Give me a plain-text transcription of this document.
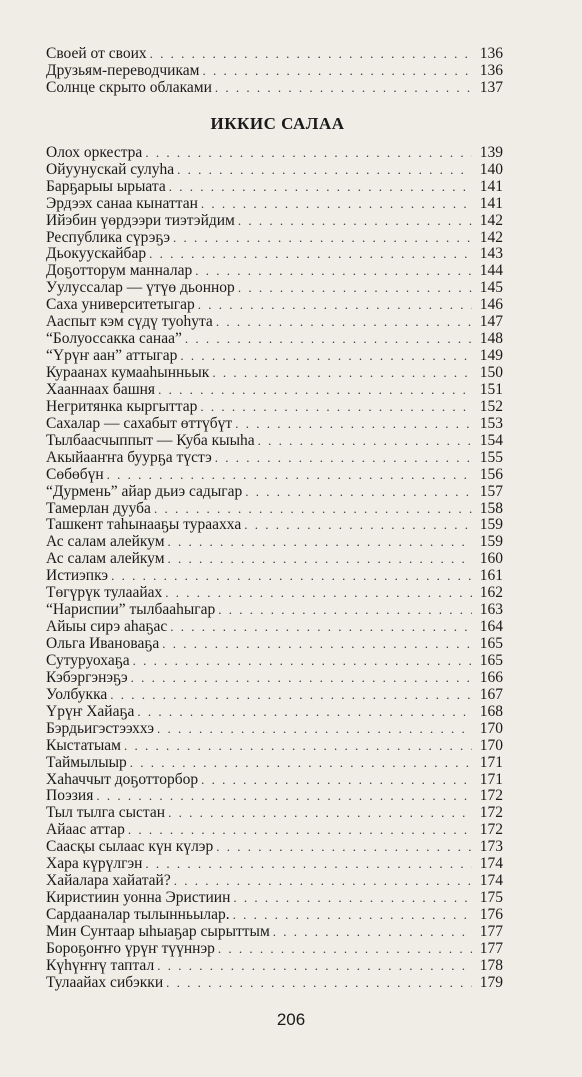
Своей от своих . . .	136
Друзьям-переводчикам . . .	136
Солнце скрыто облаками . . .	137
ИККИС САЛАА
Олох оркестра . . .	139
Ойуунускай сулуhа . . .	140
Барҕарыы ырыата . . .	141
Эрдээх санаа кынаттан . . .	141
Ийэбин үөрдээри тиэтэйдим . . .	142
Республика сүрэҕэ . . .	142
Дьокуускайбар . . .	143
Доҕотторум манналар . . .	144
Уулуссалар — үтүө дьоннор . . .	145
Саха университетыгар . . .	146
Ааспыт кэм сүдү туоhута . . .	147
“Болуоссакка санаа” . . .	148
“Үрүҥ аан” аттыгар . . .	149
Кураанах кумааhынньык . . .	150
Хааннаах башня . . .	151
Негритянка кыргыттар . . .	152
Сахалар — сахабыт өттүбүт . . .	153
Тылбаасчыппыт — Куба кыыhа . . .	154
Акыйааҥҥа буурҕа түстэ . . .	155
Сөбөбүн . . .	156
“Дурмень” айар дьиэ садыгар . . .	157
Тамерлан дууба . . .	158
Ташкент таhынааҕы тураахха . . .	159
Ас салам алейкум . . .	159
Ас салам алейкум . . .	160
Истиэпкэ . . .	161
Төгүрүк тулаайах . . .	162
“Нариспии” тылбааhыгар . . .	163
Айыы сирэ аhаҕас . . .	164
Ольга Ивановаҕа . . .	165
Сутуруохаҕа . . .	165
Кэбэргэнэҕэ . . .	166
Уолбукка . . .	167
Үрүҥ Хайаҕа . . .	168
Бэрдьигэстээххэ . . .	170
Кыстатыам . . .	170
Таймылыыр . . .	171
Хаhаччыт доҕотторбор . . .	171
Поэзия . . .	172
Тыл тылга сыстан . . .	172
Айаас аттар . . .	172
Саасқы сылаас күн күлэр . . .	173
Хара күрүлгэн . . .	174
Хайалара хайатай? . . .	174
Киристиин уонна Эристиин . . .	175
Сардааналар тылынньылар. . . .	176
Мин Сунтаар ыhыаҕар сырыттым . . .	177
Бороҕоҥҥо үрүҥ түүннэр . . .	177
Күhүҥҥү таптал . . .	178
Тулаайах сибэкки . . .	179
206
